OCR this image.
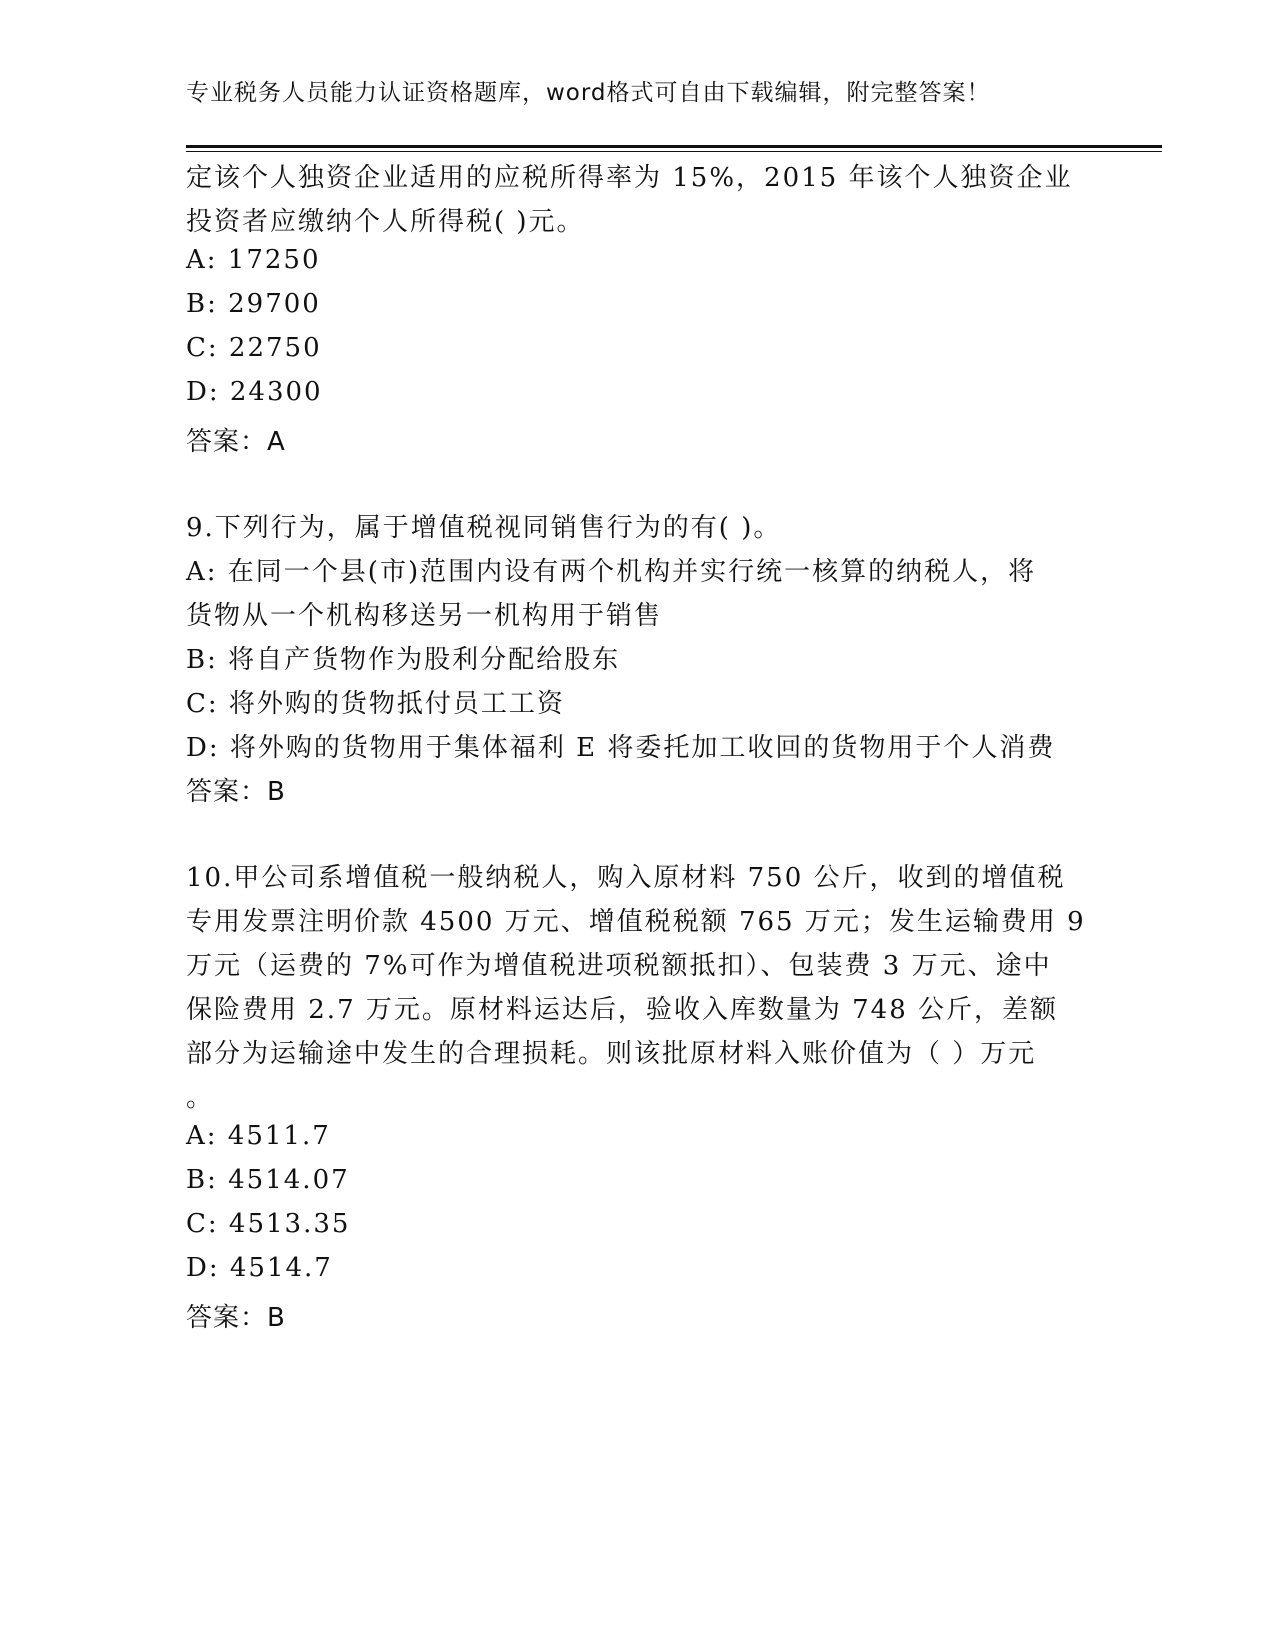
专业税务人员能力认证资格题库，word格式可自由下载编辑，附完整答案！
定该个人独资企业适用的应税所得率为 15%，2015 年该个人独资企业
投资者应缴纳个人所得税( )元。
A: 17250
B: 29700
C: 22750
D: 24300
答案：A
9.下列行为，属于增值税视同销售行为的有( )。
A: 在同一个县(市)范围内设有两个机构并实行统一核算的纳税人，将
货物从一个机构移送另一机构用于销售
B: 将自产货物作为股利分配给股东
C: 将外购的货物抵付员工工资
D: 将外购的货物用于集体福利 E 将委托加工收回的货物用于个人消费
答案：B
10.甲公司系增值税一般纳税人，购入原材料 750 公斤，收到的增值税
专用发票注明价款 4500 万元、增值税税额 765 万元；发生运输费用 9
万元（运费的 7%可作为增值税进项税额抵扣）、包装费 3 万元、途中
保险费用 2.7 万元。原材料运达后，验收入库数量为 748 公斤，差额
部分为运输途中发生的合理损耗。则该批原材料入账价值为（ ）万元
。
A: 4511.7
B: 4514.07
C: 4513.35
D: 4514.7
答案：B
